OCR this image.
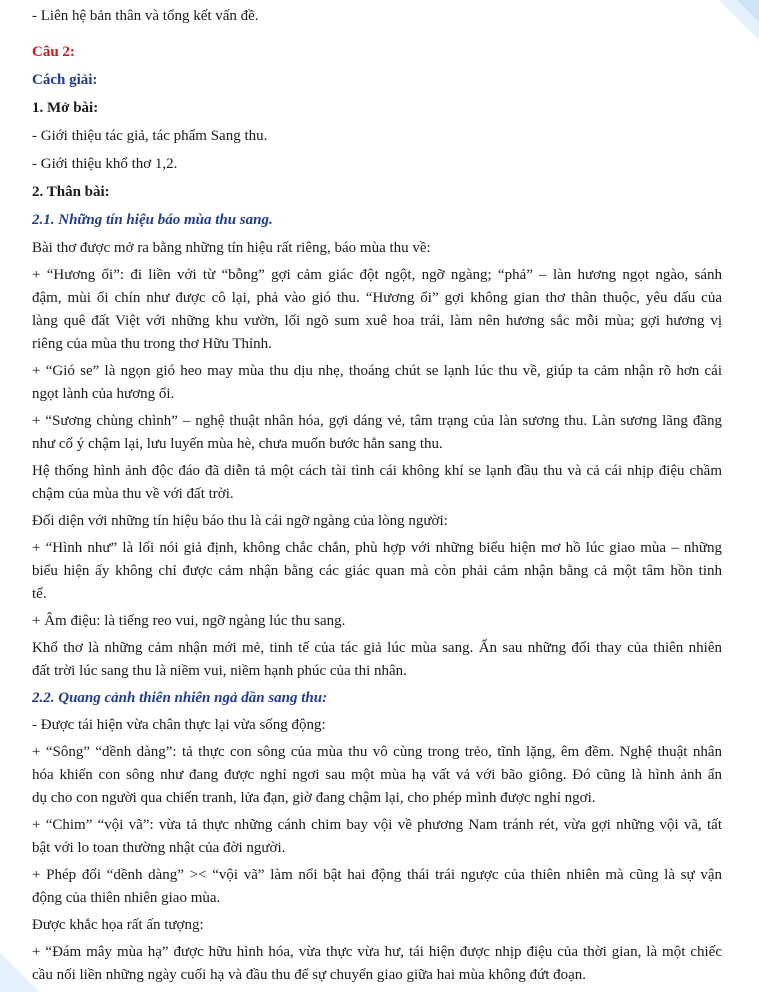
- Liên hệ bản thân và tổng kết vấn đề.

Câu 2:

Cách giải:

1. Mở bài:

- Giới thiệu tác giả, tác phẩm Sang thu.

- Giới thiệu khổ thơ 1,2.

2. Thân bài:

2.1. Những tín hiệu báo mùa thu sang.

Bài thơ được mở ra bằng những tín hiệu rất riêng, báo mùa thu về:

+ “Hương ổi”: đi liền với từ “bỗng” gợi cảm giác đột ngột, ngỡ ngàng; “phả” – làn hương ngọt ngào, sánh

đậm, mùi ổi chín như được cô lại, phả vào gió thu. “Hương ổi” gợi không gian thơ thân thuộc, yêu dấu của

làng quê đất Việt với những khu vườn, lối ngõ sum xuê hoa trái, làm nên hương sắc mỗi mùa; gợi hương vị

riêng của mùa thu trong thơ Hữu Thỉnh.

+ “Gió se” là ngọn gió heo may mùa thu dịu nhẹ, thoáng chút se lạnh lúc thu về, giúp ta cảm nhận rõ hơn cái

ngọt lành của hương ổi.

+ “Sương chùng chình” – nghệ thuật nhân hóa, gợi dáng vẻ, tâm trạng của làn sương thu. Làn sương lãng đãng

như cố ý chậm lại, lưu luyến mùa hè, chưa muốn bước hẳn sang thu.

Hệ thống hình ảnh độc đáo đã diễn tả một cách tài tình cái không khí se lạnh đầu thu và cả cái nhịp điệu chầm

chậm của mùa thu về với đất trời.

Đối diện với những tín hiệu báo thu là cái ngỡ ngàng của lòng người:

+ “Hình như” là lối nói giả định, không chắc chắn, phù hợp với những biểu hiện mơ hồ lúc giao mùa – những

biểu hiện ấy không chỉ được cảm nhận bằng các giác quan mà còn phải cảm nhận bằng cả một tâm hồn tinh

tế.

+ Âm điệu: là tiếng reo vui, ngỡ ngàng lúc thu sang.

Khổ thơ là những cảm nhận mới mẻ, tinh tế của tác giả lúc mùa sang. Ẩn sau những đổi thay của thiên nhiên

đất trời lúc sang thu là niềm vui, niềm hạnh phúc của thi nhân.

2.2. Quang cảnh thiên nhiên ngả dần sang thu:

- Được tái hiện vừa chân thực lại vừa sống động:

+ “Sông” “dềnh dàng”: tả thực con sông của mùa thu vô cùng trong trẻo, tĩnh lặng, êm đềm. Nghệ thuật nhân

hóa khiến con sông như đang được nghỉ ngơi sau một mùa hạ vất vả với bão giông. Đó cũng là hình ảnh ẩn

dụ cho con người qua chiến tranh, lửa đạn, giờ đang chậm lại, cho phép mình được nghỉ ngơi.

+ “Chim” “vội vã”: vừa tả thực những cánh chim bay vội về phương Nam tránh rét, vừa gợi những vội vã, tất

bật với lo toan thường nhật của đời người.

+ Phép đối “dềnh dàng” >< “vội vã” làm nổi bật hai động thái trái ngược của thiên nhiên mà cũng là sự vận

động của thiên nhiên giao mùa.

Được khắc họa rất ấn tượng:

+ “Đám mây mùa hạ” được hữu hình hóa, vừa thực vừa hư, tái hiện được nhịp điệu của thời gian, là một chiếc

cầu nối liền những ngày cuối hạ và đầu thu để sự chuyển giao giữa hai mùa không đứt đoạn.
